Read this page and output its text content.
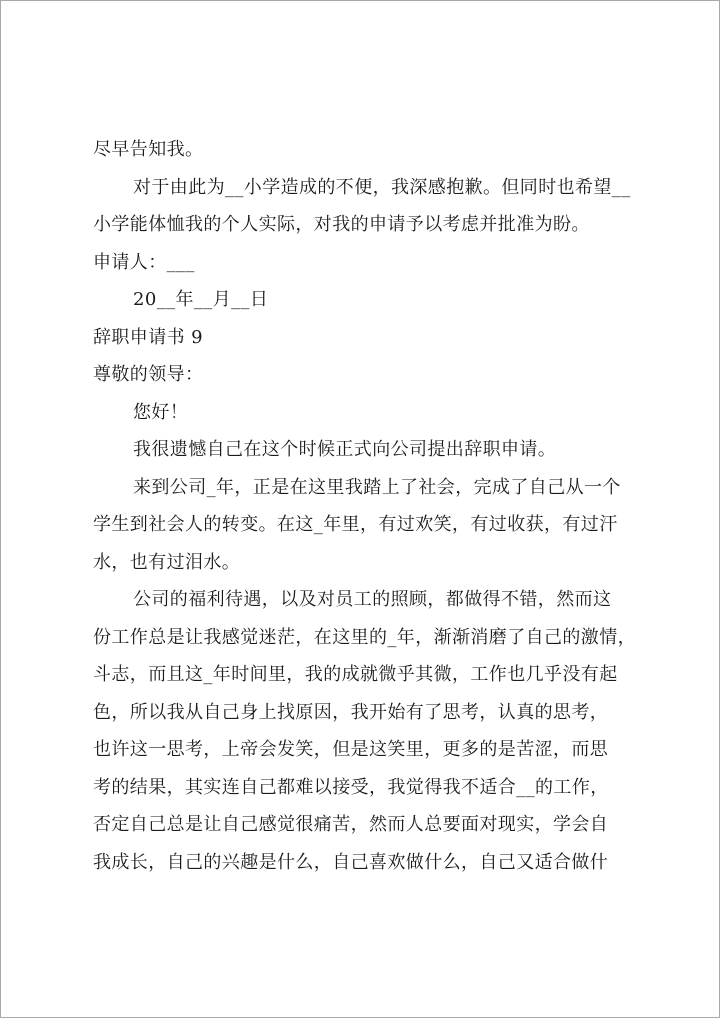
尽早告知我。
对于由此为__小学造成的不便，我深感抱歉。但同时也希望__
小学能体恤我的个人实际，对我的申请予以考虑并批准为盼。
申请人：___
20__年__月__日
辞职申请书 9
尊敬的领导：
您好！
我很遗憾自己在这个时候正式向公司提出辞职申请。
来到公司_年，正是在这里我踏上了社会，完成了自己从一个
学生到社会人的转变。在这_年里，有过欢笑，有过收获，有过汗
水，也有过泪水。
公司的福利待遇，以及对员工的照顾，都做得不错，然而这
份工作总是让我感觉迷茫，在这里的_年，渐渐消磨了自己的激情，
斗志，而且这_年时间里，我的成就微乎其微，工作也几乎没有起
色，所以我从自己身上找原因，我开始有了思考，认真的思考，
也许这一思考，上帝会发笑，但是这笑里，更多的是苦涩，而思
考的结果，其实连自己都难以接受，我觉得我不适合__的工作，
否定自己总是让自己感觉很痛苦，然而人总要面对现实，学会自
我成长，自己的兴趣是什么，自己喜欢做什么，自己又适合做什
